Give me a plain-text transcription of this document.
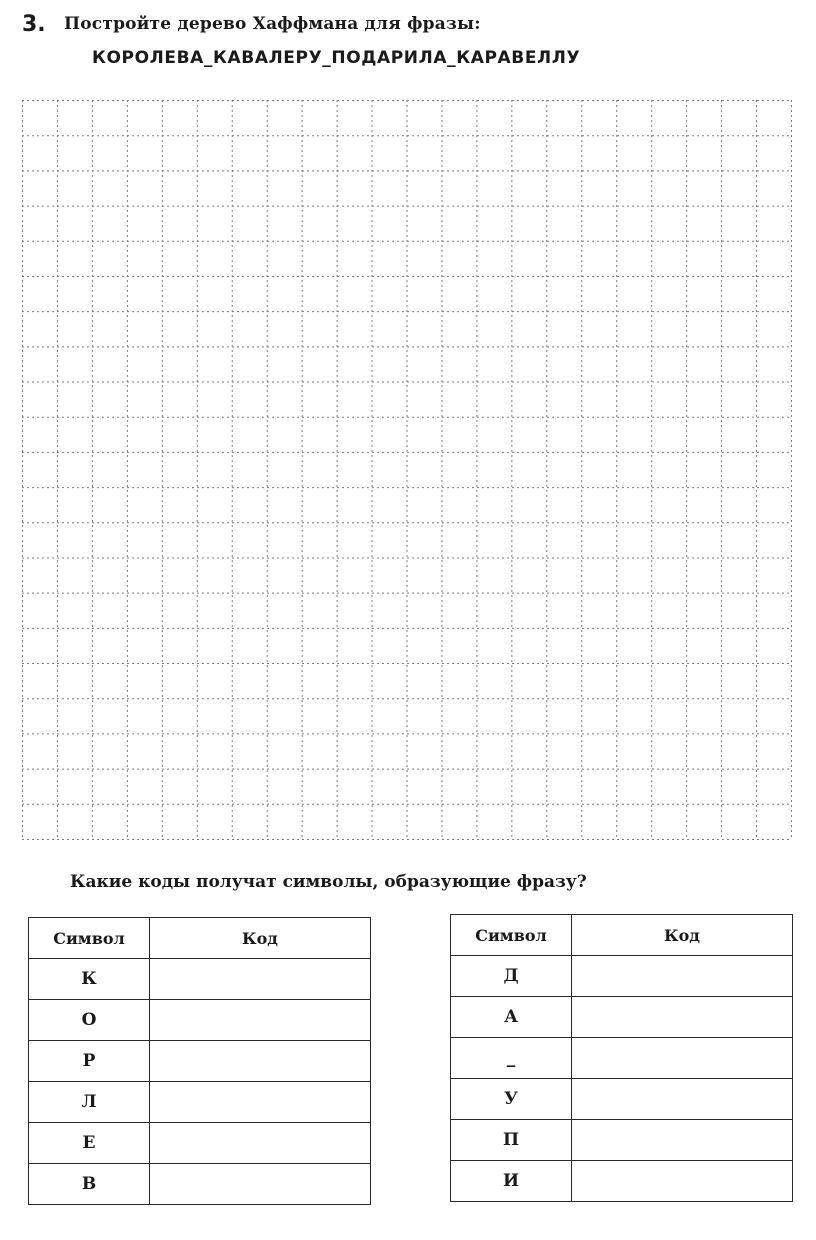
3. Постройте дерево Хаффмана для фразы:
КОРОЛЕВА_КАВАЛЕРУ_ПОДАРИЛА_КАРАВЕЛЛУ
Какие коды получат символы, образующие фразу?
Символ	Код
К	
О	
Р	
Л	
Е	
В	
Символ	Код
Д	
А	
_	
У	
П	
И	
